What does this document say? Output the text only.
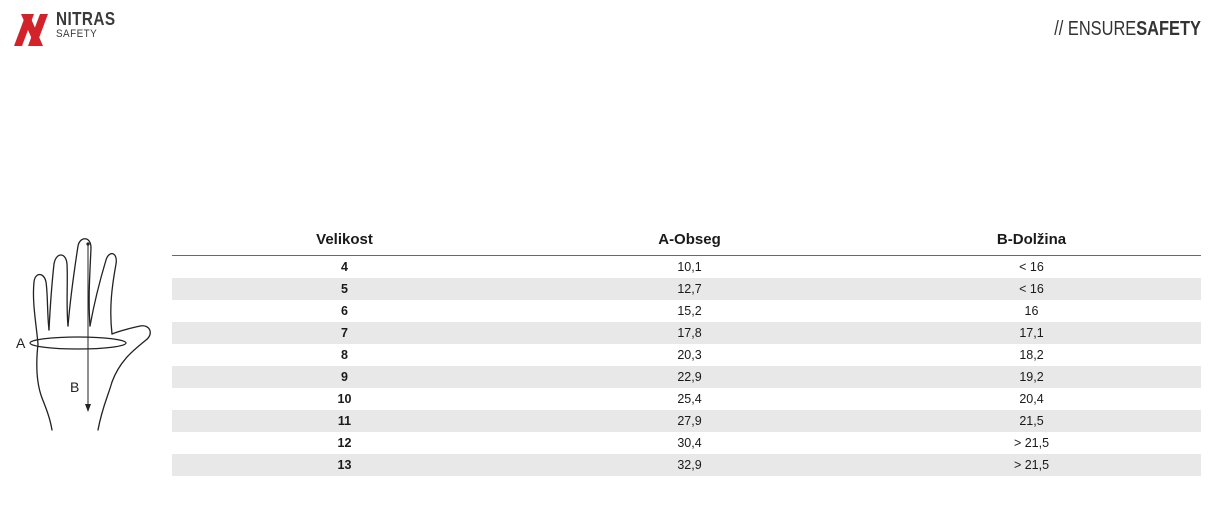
NITRAS
SAFETY	// ENSURESAFETY
A
B
Velikost	A-Obseg	B-Dolžina
4	10,1	< 16
5	12,7	< 16
6	15,2	16
7	17,8	17,1
8	20,3	18,2
9	22,9	19,2
10	25,4	20,4
11	27,9	21,5
12	30,4	> 21,5
13	32,9	> 21,5
